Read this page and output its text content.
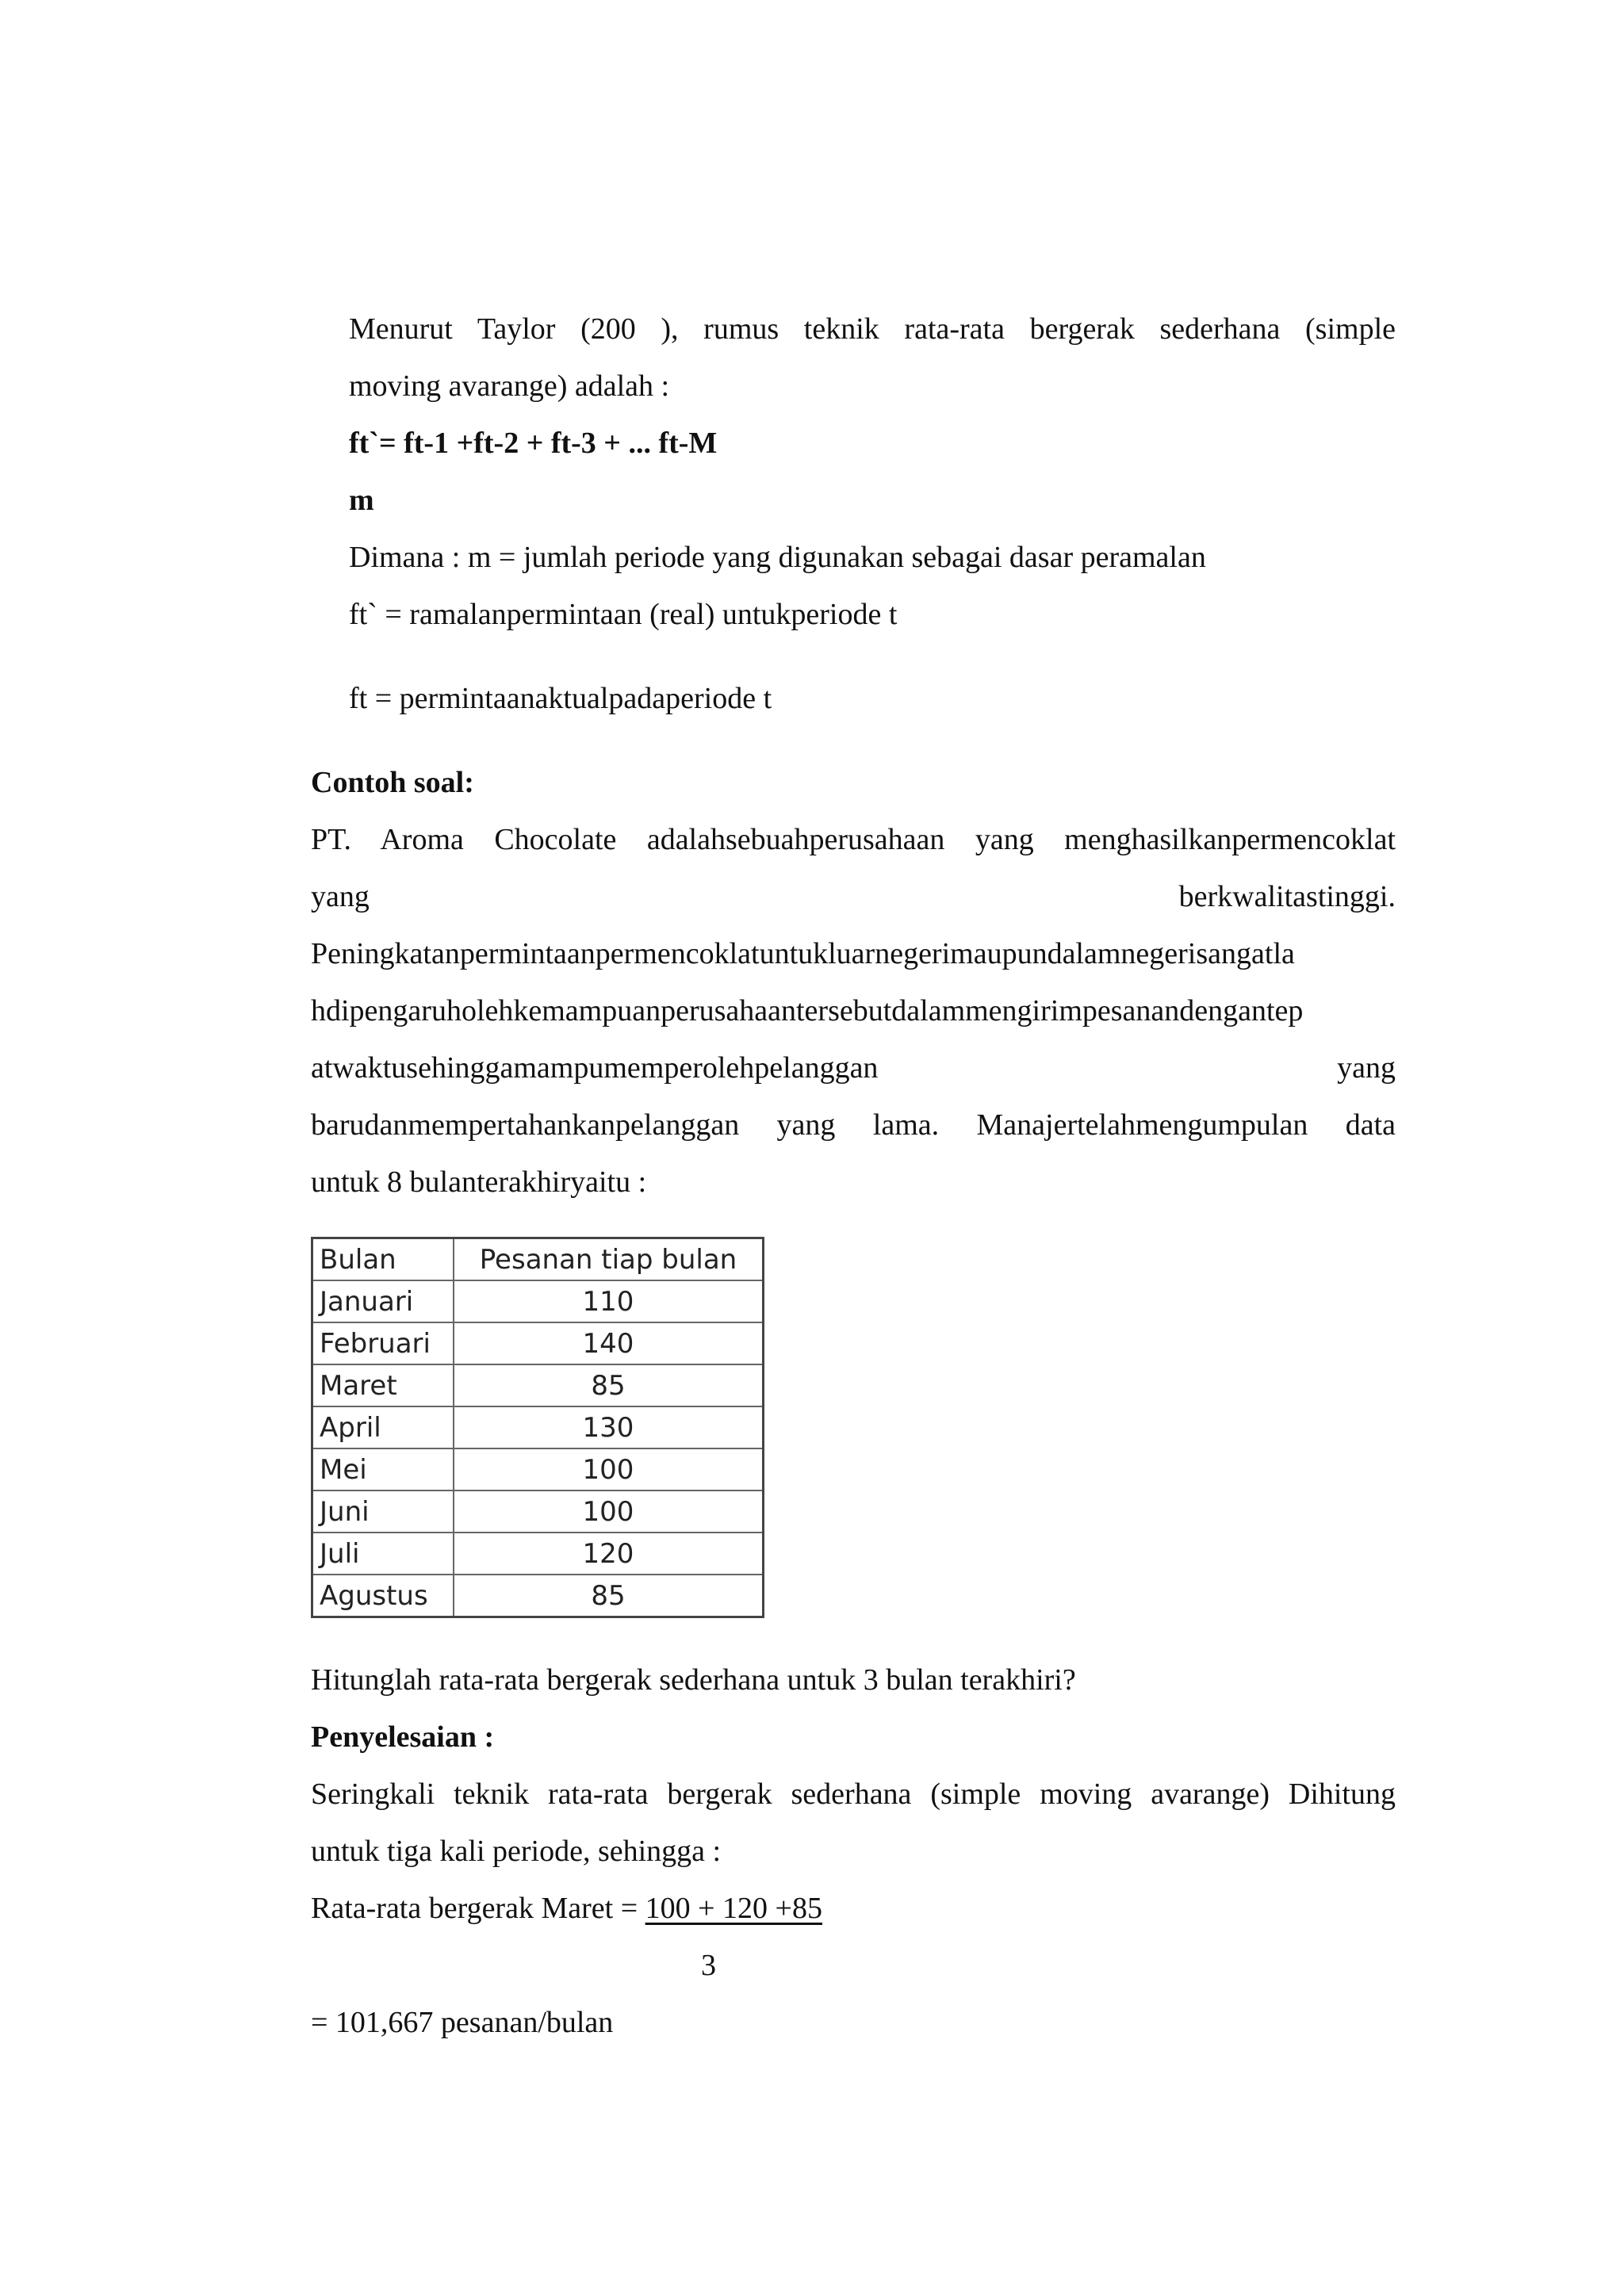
Menurut Taylor (200 ), rumus teknik rata-rata bergerak sederhana (simple
moving avarange) adalah :
ft`= ft-1 +ft-2 + ft-3 + ... ft-M
m
Dimana : m = jumlah periode yang digunakan sebagai dasar peramalan
ft` = ramalanpermintaan (real) untukperiode t
ft = permintaanaktualpadaperiode t
Contoh soal:
PT. Aroma Chocolate adalahsebuahperusahaan yang menghasilkanpermencoklat
yang berkwalitastinggi.
Peningkatanpermintaanpermencoklatuntukluarnegerimaupundalamnegerisangatla
hdipengaruholehkemampuanperusahaantersebutdalammengirimpesanandengantep
atwaktusehinggamampumemperolehpelanggan yang
barudanmempertahankanpelanggan yang lama. Manajertelahmengumpulan data
untuk 8 bulanterakhiryaitu :
Bulan	Pesanan tiap bulan
Januari	110
Februari	140
Maret	85
April	130
Mei	100
Juni	100
Juli	120
Agustus	85
Hitunglah rata-rata bergerak sederhana untuk 3 bulan terakhiri?
Penyelesaian :
Seringkali teknik rata-rata bergerak sederhana (simple moving avarange) Dihitung
untuk tiga kali periode, sehingga :
Rata-rata bergerak Maret = 100 + 120 +85
3
= 101,667 pesanan/bulan
